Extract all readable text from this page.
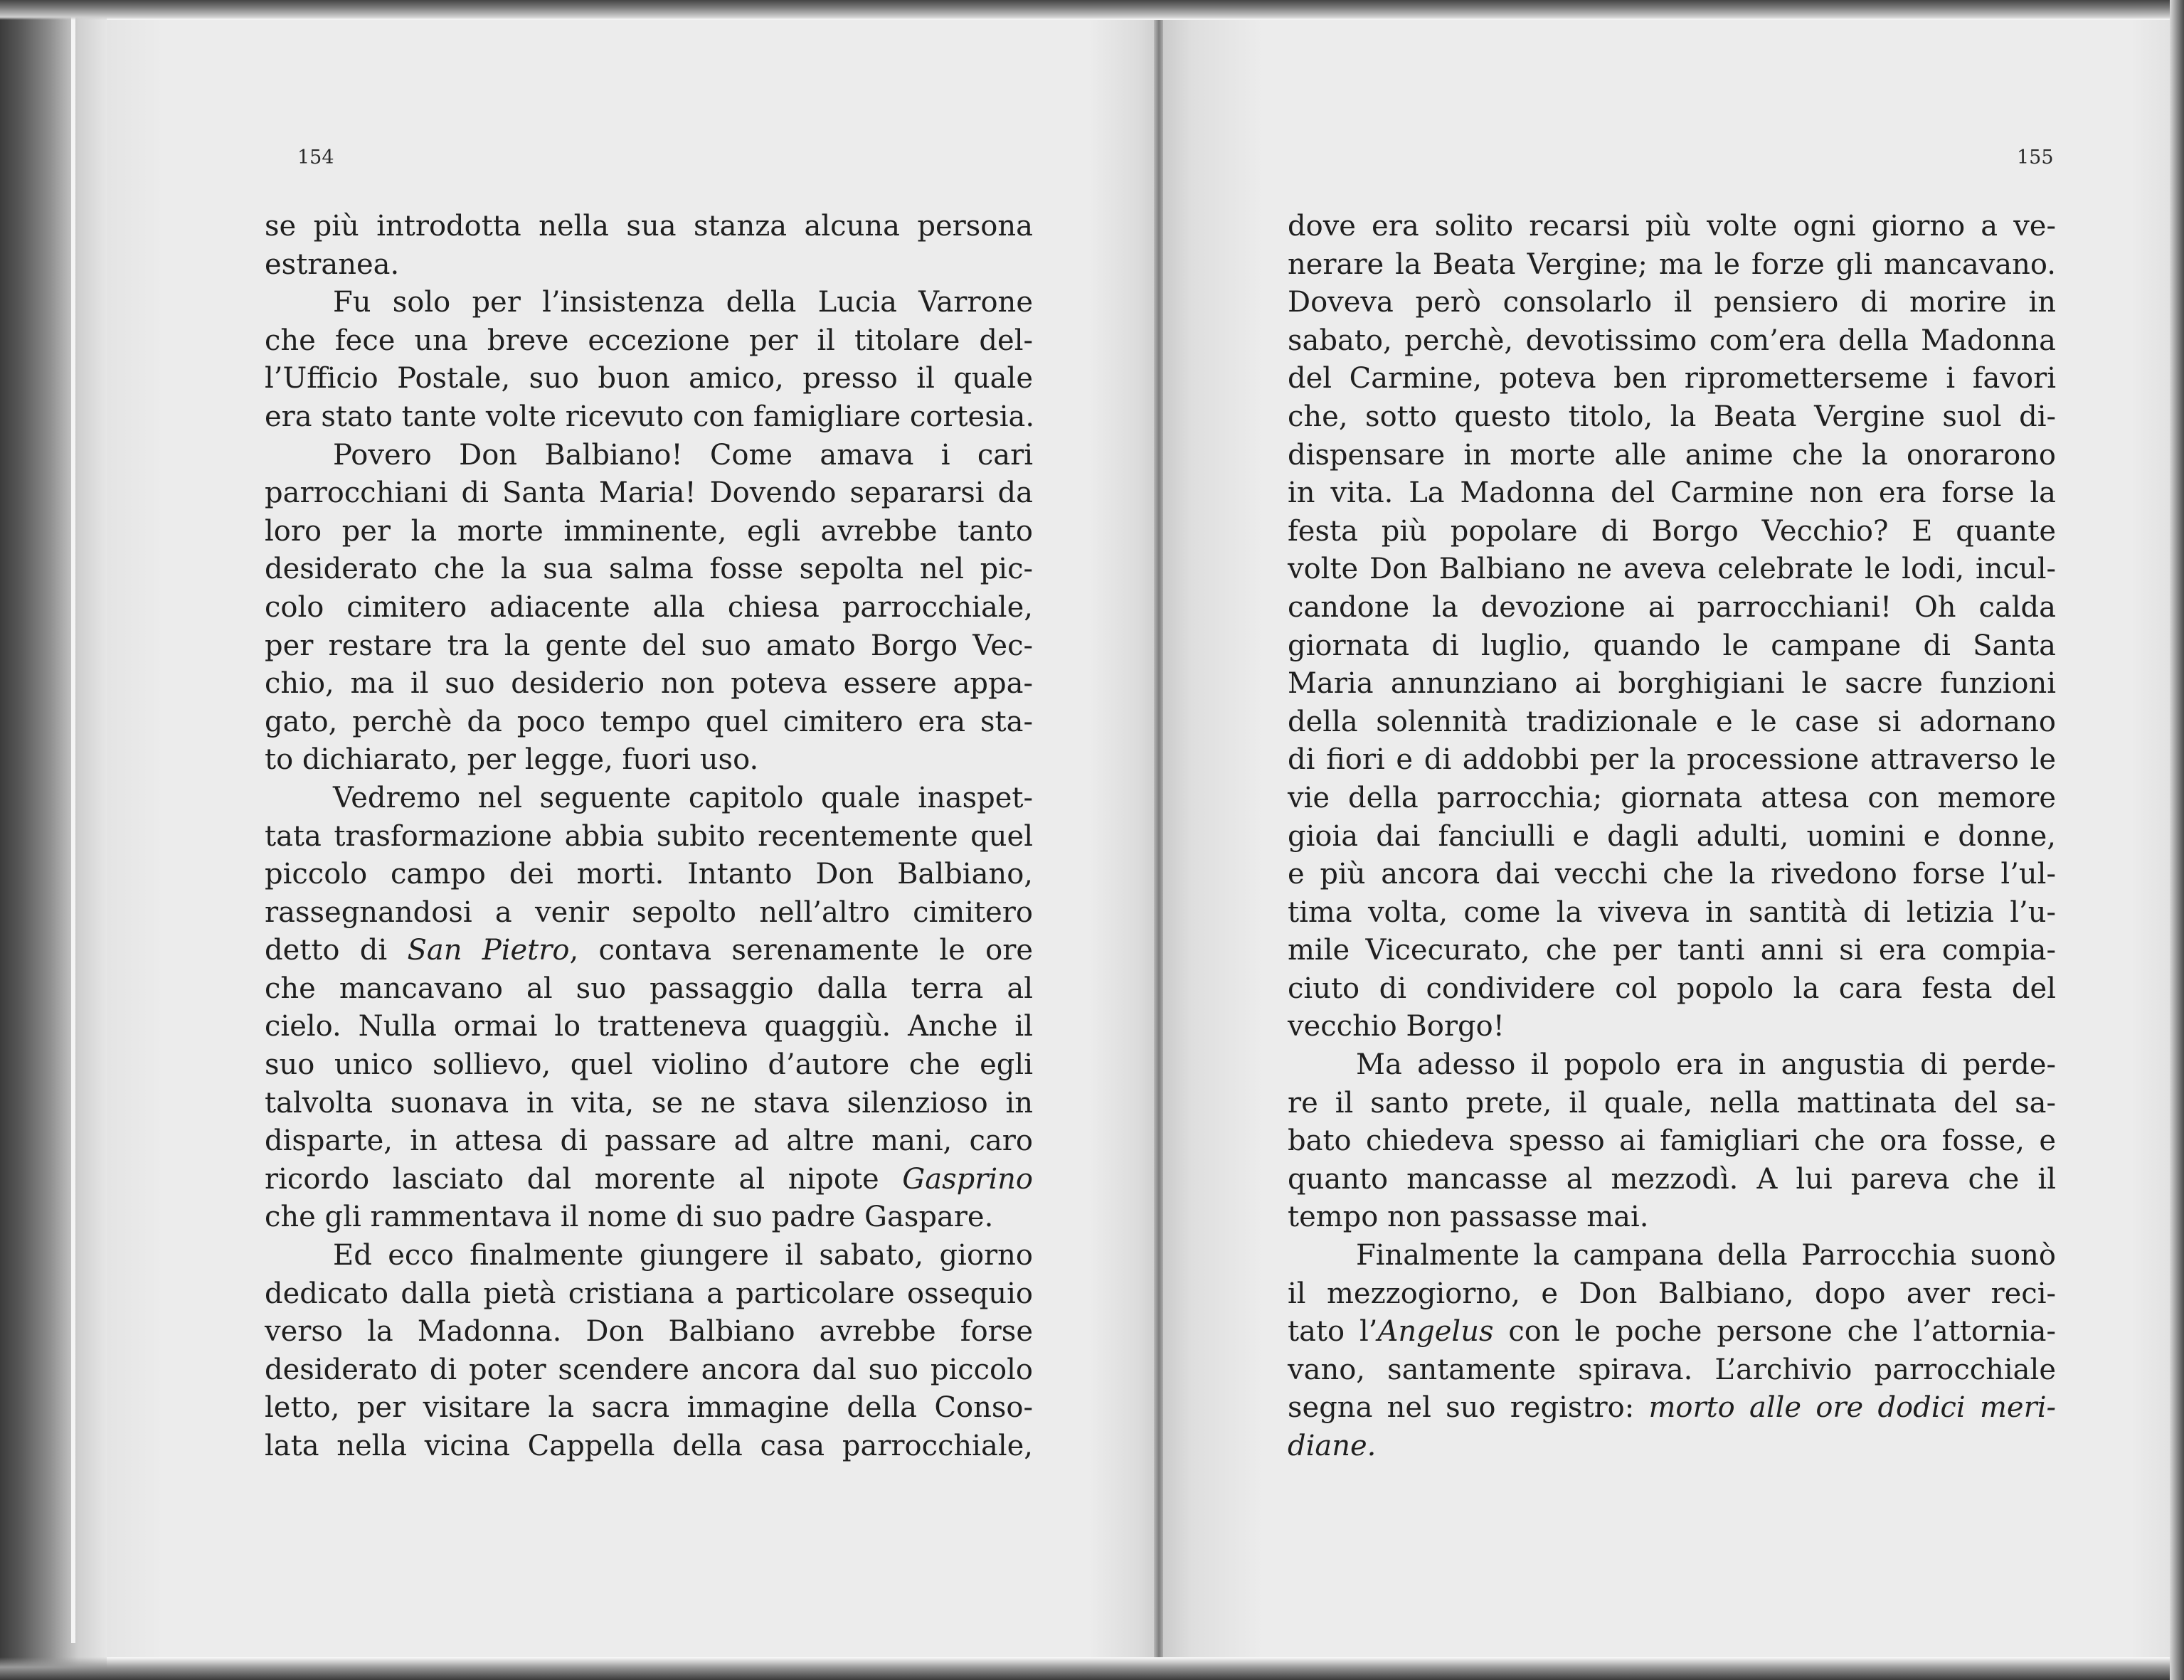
154	155
se più introdotta nella sua stanza alcuna persona
estranea.
Fu solo per l’insistenza della Lucia Varrone
che fece una breve eccezione per il titolare del-
l’Ufficio Postale, suo buon amico, presso il quale
era stato tante volte ricevuto con famigliare cortesia.
Povero Don Balbiano! Come amava i cari
parrocchiani di Santa Maria! Dovendo separarsi da
loro per la morte imminente, egli avrebbe tanto
desiderato che la sua salma fosse sepolta nel pic-
colo cimitero adiacente alla chiesa parrocchiale,
per restare tra la gente del suo amato Borgo Vec-
chio, ma il suo desiderio non poteva essere appa-
gato, perchè da poco tempo quel cimitero era sta-
to dichiarato, per legge, fuori uso.
Vedremo nel seguente capitolo quale inaspet-
tata trasformazione abbia subito recentemente quel
piccolo campo dei morti. Intanto Don Balbiano,
rassegnandosi a venir sepolto nell’altro cimitero
detto di San Pietro, contava serenamente le ore
che mancavano al suo passaggio dalla terra al
cielo. Nulla ormai lo tratteneva quaggiù. Anche il
suo unico sollievo, quel violino d’autore che egli
talvolta suonava in vita, se ne stava silenzioso in
disparte, in attesa di passare ad altre mani, caro
ricordo lasciato dal morente al nipote Gasprino
che gli rammentava il nome di suo padre Gaspare.
Ed ecco finalmente giungere il sabato, giorno
dedicato dalla pietà cristiana a particolare ossequio
verso la Madonna. Don Balbiano avrebbe forse
desiderato di poter scendere ancora dal suo piccolo
letto, per visitare la sacra immagine della Conso-
lata nella vicina Cappella della casa parrocchiale,
dove era solito recarsi più volte ogni giorno a ve-
nerare la Beata Vergine; ma le forze gli mancavano.
Doveva però consolarlo il pensiero di morire in
sabato, perchè, devotissimo com’era della Madonna
del Carmine, poteva ben riprometterseme i favori
che, sotto questo titolo, la Beata Vergine suol di-
dispensare in morte alle anime che la onorarono
in vita. La Madonna del Carmine non era forse la
festa più popolare di Borgo Vecchio? E quante
volte Don Balbiano ne aveva celebrate le lodi, incul-
candone la devozione ai parrocchiani! Oh calda
giornata di luglio, quando le campane di Santa
Maria annunziano ai borghigiani le sacre funzioni
della solennità tradizionale e le case si adornano
di fiori e di addobbi per la processione attraverso le
vie della parrocchia; giornata attesa con memore
gioia dai fanciulli e dagli adulti, uomini e donne,
e più ancora dai vecchi che la rivedono forse l’ul-
tima volta, come la viveva in santità di letizia l’u-
mile Vicecurato, che per tanti anni si era compia-
ciuto di condividere col popolo la cara festa del
vecchio Borgo!
Ma adesso il popolo era in angustia di perde-
re il santo prete, il quale, nella mattinata del sa-
bato chiedeva spesso ai famigliari che ora fosse, e
quanto mancasse al mezzodì. A lui pareva che il
tempo non passasse mai.
Finalmente la campana della Parrocchia suonò
il mezzogiorno, e Don Balbiano, dopo aver reci-
tato l’Angelus con le poche persone che l’attornia-
vano, santamente spirava. L’archivio parrocchiale
segna nel suo registro: morto alle ore dodici meri-
diane.
